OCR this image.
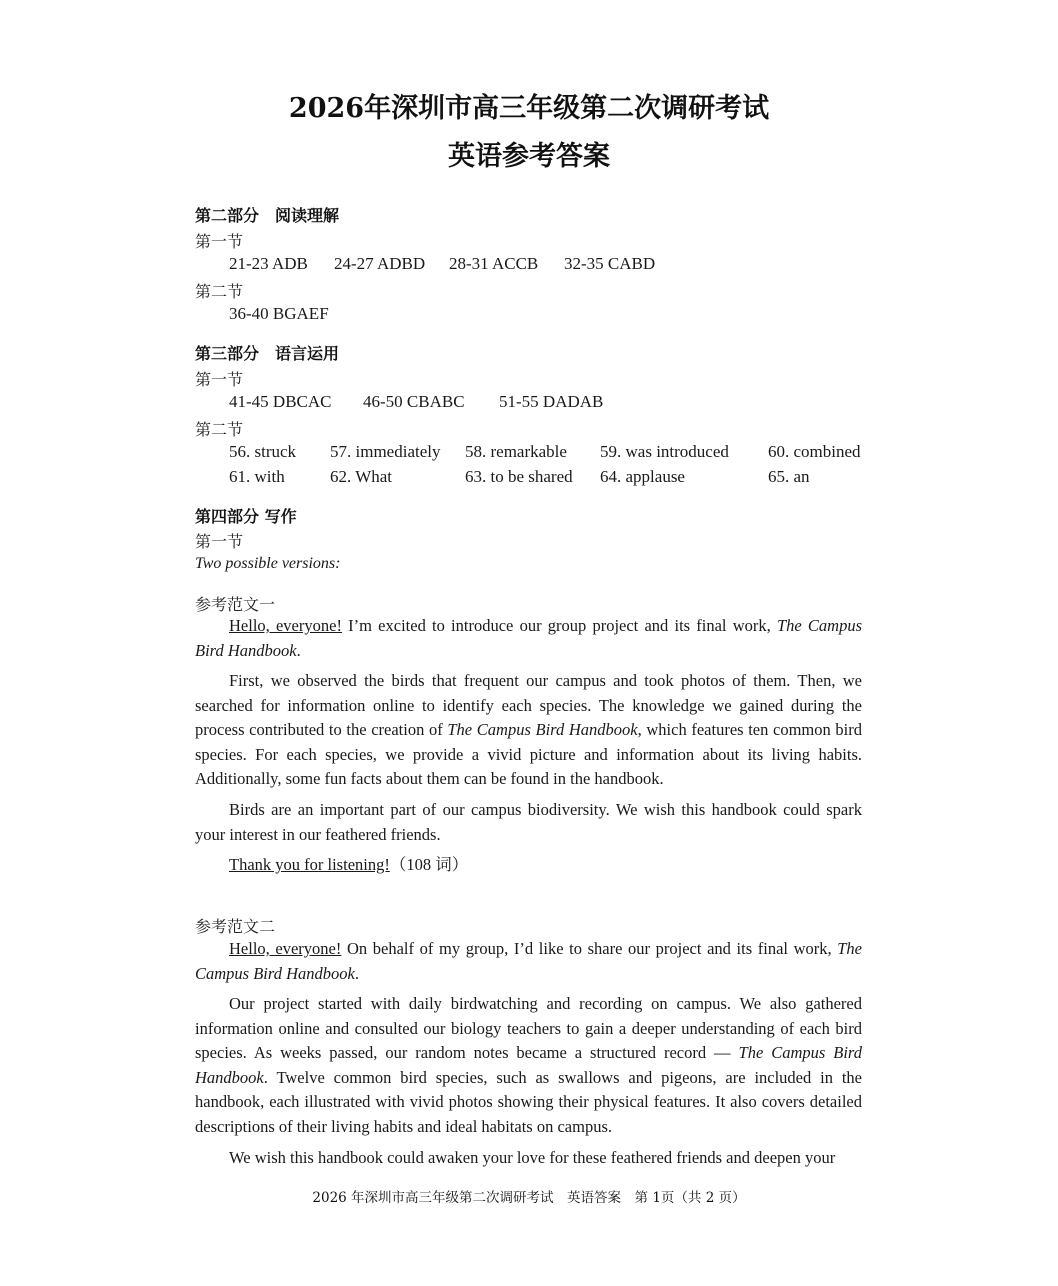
2026年深圳市高三年级第二次调研考试
英语参考答案
第二部分　阅读理解
第一节
21-23 ADB 24-27 ADBD 28-31 ACCB 32-35 CABD
第二节
36-40 BGAEF
第三部分　语言运用
第一节
41-45 DBCAC 46-50 CBABC 51-55 DADAB
第二节
56. struck 57. immediately 58. remarkable 59. was introduced 60. combined
61. with	62. What	63. to be shared 64. applause	65. an
第四部分 写作
第一节
Two possible versions:
参考范文一

Hello, everyone! I’m excited to introduce our group project and its final work, The Campus Bird Handbook.

First, we observed the birds that frequent our campus and took photos of them. Then, we searched for information online to identify each species. The knowledge we gained during the process contributed to the creation of The Campus Bird Handbook, which features ten common bird species. For each species, we provide a vivid picture and information about its living habits. Additionally, some fun facts about them can be found in the handbook.

Birds are an important part of our campus biodiversity. We wish this handbook could spark your interest in our feathered friends.

Thank you for listening!（108 词）

参考范文二

Hello, everyone! On behalf of my group, I’d like to share our project and its final work, The Campus Bird Handbook.

Our project started with daily birdwatching and recording on campus. We also gathered information online and consulted our biology teachers to gain a deeper understanding of each bird species. As weeks passed, our random notes became a structured record — The Campus Bird Handbook. Twelve common bird species, such as swallows and pigeons, are included in the handbook, each illustrated with vivid photos showing their physical features. It also covers detailed descriptions of their living habits and ideal habitats on campus.

We wish this handbook could awaken your love for these feathered friends and deepen your

2026 年深圳市高三年级第二次调研考试　英语答案　第 1页（共 2 页）
